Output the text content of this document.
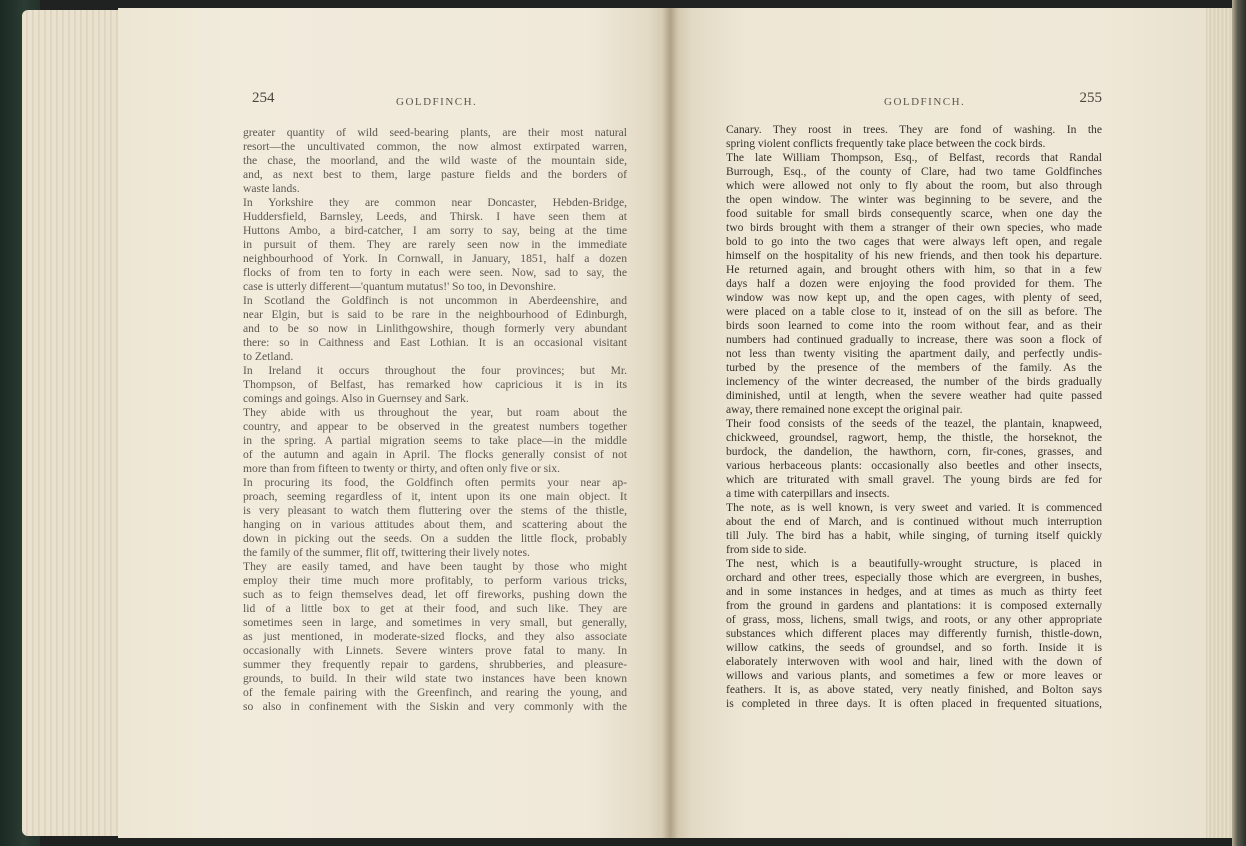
254	GOLDFINCH.	GOLDFINCH.	255
greater quantity of wild seed-bearing plants, are their most natural
resort—the uncultivated common, the now almost extirpated warren,
the chase, the moorland, and the wild waste of the mountain side,
and, as next best to them, large pasture fields and the borders of
waste lands.
In Yorkshire they are common near Doncaster, Hebden-Bridge,
Huddersfield, Barnsley, Leeds, and Thirsk. I have seen them at
Huttons Ambo, a bird-catcher, I am sorry to say, being at the time
in pursuit of them. They are rarely seen now in the immediate
neighbourhood of York. In Cornwall, in January, 1851, half a dozen
flocks of from ten to forty in each were seen. Now, sad to say, the
case is utterly different—'quantum mutatus!' So too, in Devonshire.
In Scotland the Goldfinch is not uncommon in Aberdeenshire, and
near Elgin, but is said to be rare in the neighbourhood of Edinburgh,
and to be so now in Linlithgowshire, though formerly very abundant
there: so in Caithness and East Lothian. It is an occasional visitant
to Zetland.
In Ireland it occurs throughout the four provinces; but Mr.
Thompson, of Belfast, has remarked how capricious it is in its
comings and goings. Also in Guernsey and Sark.
They abide with us throughout the year, but roam about the
country, and appear to be observed in the greatest numbers together
in the spring. A partial migration seems to take place—in the middle
of the autumn and again in April. The flocks generally consist of not
more than from fifteen to twenty or thirty, and often only five or six.
In procuring its food, the Goldfinch often permits your near ap-
proach, seeming regardless of it, intent upon its one main object. It
is very pleasant to watch them fluttering over the stems of the thistle,
hanging on in various attitudes about them, and scattering about the
down in picking out the seeds. On a sudden the little flock, probably
the family of the summer, flit off, twittering their lively notes.
They are easily tamed, and have been taught by those who might
employ their time much more profitably, to perform various tricks,
such as to feign themselves dead, let off fireworks, pushing down the
lid of a little box to get at their food, and such like. They are
sometimes seen in large, and sometimes in very small, but generally,
as just mentioned, in moderate-sized flocks, and they also associate
occasionally with Linnets. Severe winters prove fatal to many. In
summer they frequently repair to gardens, shrubberies, and pleasure-
grounds, to build. In their wild state two instances have been known
of the female pairing with the Greenfinch, and rearing the young, and
so also in confinement with the Siskin and very commonly with the
Canary. They roost in trees. They are fond of washing. In the
spring violent conflicts frequently take place between the cock birds.
The late William Thompson, Esq., of Belfast, records that Randal
Burrough, Esq., of the county of Clare, had two tame Goldfinches
which were allowed not only to fly about the room, but also through
the open window. The winter was beginning to be severe, and the
food suitable for small birds consequently scarce, when one day the
two birds brought with them a stranger of their own species, who made
bold to go into the two cages that were always left open, and regale
himself on the hospitality of his new friends, and then took his departure.
He returned again, and brought others with him, so that in a few
days half a dozen were enjoying the food provided for them. The
window was now kept up, and the open cages, with plenty of seed,
were placed on a table close to it, instead of on the sill as before. The
birds soon learned to come into the room without fear, and as their
numbers had continued gradually to increase, there was soon a flock of
not less than twenty visiting the apartment daily, and perfectly undis-
turbed by the presence of the members of the family. As the
inclemency of the winter decreased, the number of the birds gradually
diminished, until at length, when the severe weather had quite passed
away, there remained none except the original pair.
Their food consists of the seeds of the teazel, the plantain, knapweed,
chickweed, groundsel, ragwort, hemp, the thistle, the horseknot, the
burdock, the dandelion, the hawthorn, corn, fir-cones, grasses, and
various herbaceous plants: occasionally also beetles and other insects,
which are triturated with small gravel. The young birds are fed for
a time with caterpillars and insects.
The note, as is well known, is very sweet and varied. It is commenced
about the end of March, and is continued without much interruption
till July. The bird has a habit, while singing, of turning itself quickly
from side to side.
The nest, which is a beautifully-wrought structure, is placed in
orchard and other trees, especially those which are evergreen, in bushes,
and in some instances in hedges, and at times as much as thirty feet
from the ground in gardens and plantations: it is composed externally
of grass, moss, lichens, small twigs, and roots, or any other appropriate
substances which different places may differently furnish, thistle-down,
willow catkins, the seeds of groundsel, and so forth. Inside it is
elaborately interwoven with wool and hair, lined with the down of
willows and various plants, and sometimes a few or more leaves or
feathers. It is, as above stated, very neatly finished, and Bolton says
is completed in three days. It is often placed in frequented situations,
